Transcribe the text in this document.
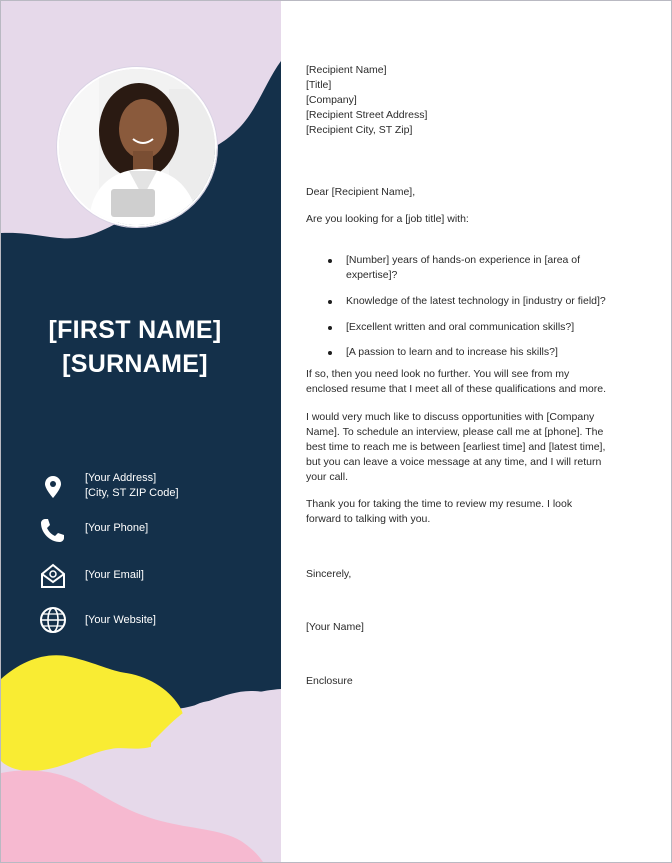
[FIRST NAME]
[SURNAME]
[Your Address]
[City, ST ZIP Code]
[Your Phone]
[Your Email]
[Your Website]
[Recipient Name]
[Title]
[Company]
[Recipient Street Address]
[Recipient City, ST Zip]
Dear [Recipient Name],
Are you looking for a [job title] with:
[Number] years of hands-on experience in [area of
expertise]?
Knowledge of the latest technology in [industry or field]?
[Excellent written and oral communication skills?]
[A passion to learn and to increase his skills?]
If so, then you need look no further. You will see from my
enclosed resume that I meet all of these qualifications and more.
I would very much like to discuss opportunities with [Company
Name]. To schedule an interview, please call me at [phone]. The
best time to reach me is between [earliest time] and [latest time],
but you can leave a voice message at any time, and I will return
your call.
Thank you for taking the time to review my resume. I look
forward to talking with you.
Sincerely,
[Your Name]
Enclosure
